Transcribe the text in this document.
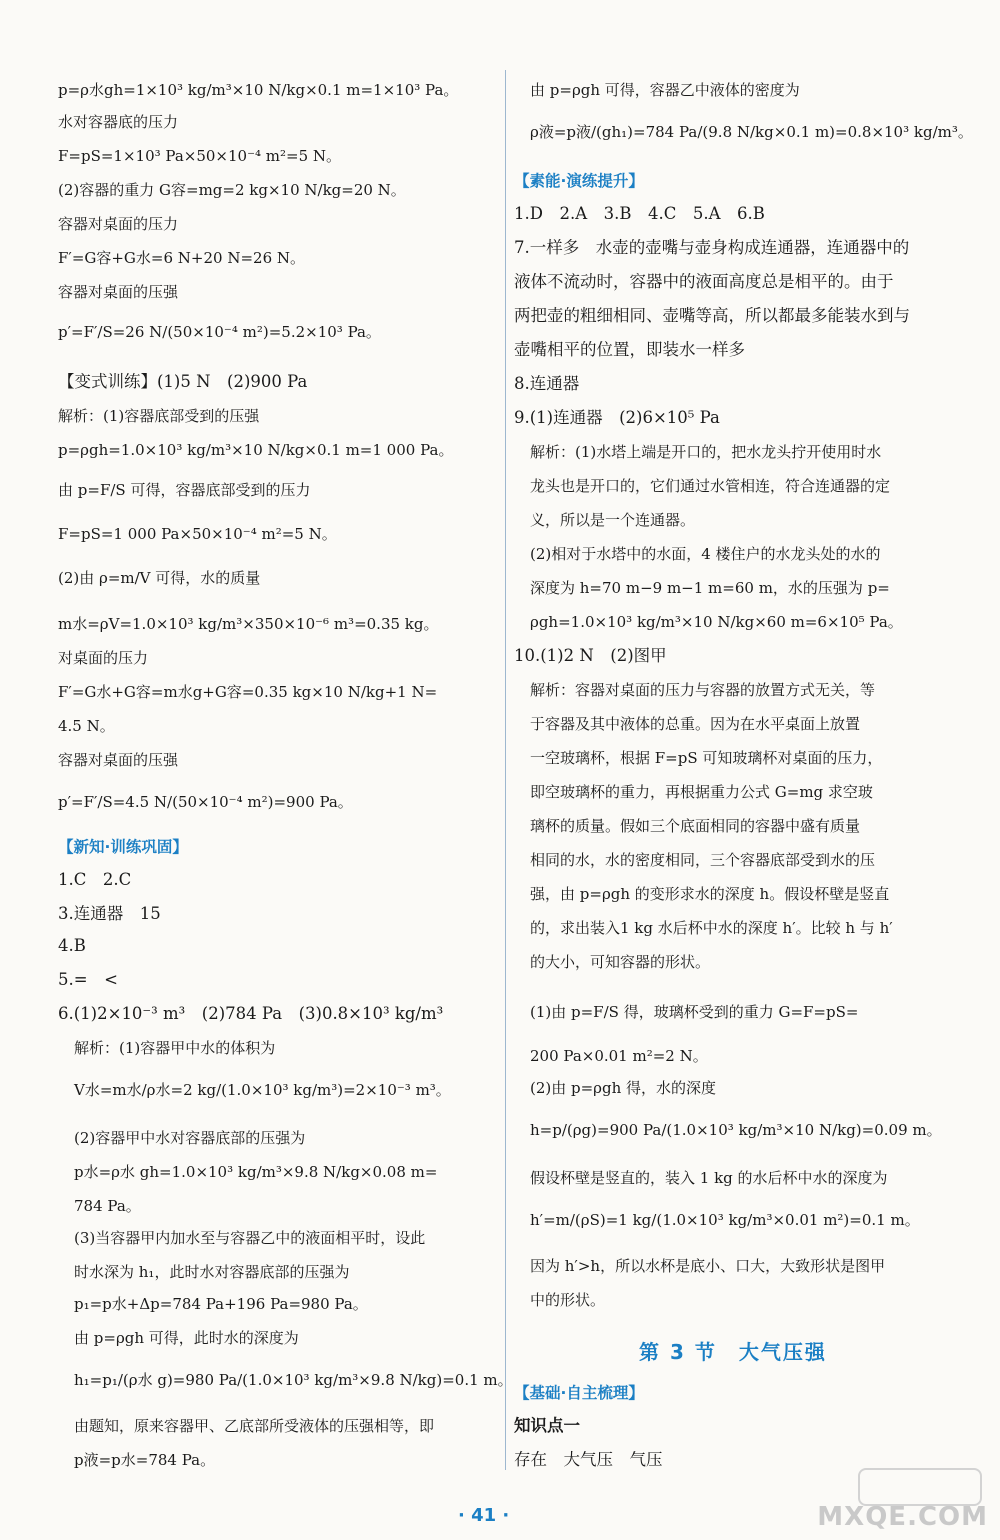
p=ρ水gh=1×10³ kg/m³×10 N/kg×0.1 m=1×10³ Pa。
水对容器底的压力
F=pS=1×10³ Pa×50×10⁻⁴ m²=5 N。
(2)容器的重力 G容=mg=2 kg×10 N/kg=20 N。
容器对桌面的压力
F′=G容+G水=6 N+20 N=26 N。
容器对桌面的压强
p′=F′/S=26 N/(50×10⁻⁴ m²)=5.2×10³ Pa。
【变式训练】(1)5 N　(2)900 Pa
解析：(1)容器底部受到的压强
p=ρgh=1.0×10³ kg/m³×10 N/kg×0.1 m=1 000 Pa。
由 p=F/S 可得，容器底部受到的压力
F=pS=1 000 Pa×50×10⁻⁴ m²=5 N。
(2)由 ρ=m/V 可得，水的质量
m水=ρV=1.0×10³ kg/m³×350×10⁻⁶ m³=0.35 kg。
对桌面的压力
F′=G水+G容=m水g+G容=0.35 kg×10 N/kg+1 N=
4.5 N。
容器对桌面的压强
p′=F′/S=4.5 N/(50×10⁻⁴ m²)=900 Pa。
【新知·训练巩固】
1.C　2.C
3.连通器　15
4.B
5.=　<
6.(1)2×10⁻³ m³　(2)784 Pa　(3)0.8×10³ kg/m³
解析：(1)容器甲中水的体积为
V水=m水/ρ水=2 kg/(1.0×10³ kg/m³)=2×10⁻³ m³。
(2)容器甲中水对容器底部的压强为
p水=ρ水 gh=1.0×10³ kg/m³×9.8 N/kg×0.08 m=
784 Pa。
(3)当容器甲内加水至与容器乙中的液面相平时，设此
时水深为 h₁，此时水对容器底部的压强为
p₁=p水+Δp=784 Pa+196 Pa=980 Pa。
由 p=ρgh 可得，此时水的深度为
h₁=p₁/(ρ水 g)=980 Pa/(1.0×10³ kg/m³×9.8 N/kg)=0.1 m。
由题知，原来容器甲、乙底部所受液体的压强相等，即
p液=p水=784 Pa。
由 p=ρgh 可得，容器乙中液体的密度为
ρ液=p液/(gh₁)=784 Pa/(9.8 N/kg×0.1 m)=0.8×10³ kg/m³。
【素能·演练提升】
1.D　2.A　3.B　4.C　5.A　6.B
7.一样多　水壶的壶嘴与壶身构成连通器，连通器中的
液体不流动时，容器中的液面高度总是相平的。由于
两把壶的粗细相同、壶嘴等高，所以都最多能装水到与
壶嘴相平的位置，即装水一样多
8.连通器
9.(1)连通器　(2)6×10⁵ Pa
解析：(1)水塔上端是开口的，把水龙头拧开使用时水
龙头也是开口的，它们通过水管相连，符合连通器的定
义，所以是一个连通器。
(2)相对于水塔中的水面，4 楼住户的水龙头处的水的
深度为 h=70 m−9 m−1 m=60 m，水的压强为 p=
ρgh=1.0×10³ kg/m³×10 N/kg×60 m=6×10⁵ Pa。
10.(1)2 N　(2)图甲
解析：容器对桌面的压力与容器的放置方式无关，等
于容器及其中液体的总重。因为在水平桌面上放置
一空玻璃杯，根据 F=pS 可知玻璃杯对桌面的压力，
即空玻璃杯的重力，再根据重力公式 G=mg 求空玻
璃杯的质量。假如三个底面相同的容器中盛有质量
相同的水，水的密度相同，三个容器底部受到水的压
强，由 p=ρgh 的变形求水的深度 h。假设杯壁是竖直
的，求出装入1 kg 水后杯中水的深度 h′。比较 h 与 h′
的大小，可知容器的形状。
(1)由 p=F/S 得，玻璃杯受到的重力 G=F=pS=
200 Pa×0.01 m²=2 N。
(2)由 p=ρgh 得，水的深度
h=p/(ρg)=900 Pa/(1.0×10³ kg/m³×10 N/kg)=0.09 m。
假设杯壁是竖直的，装入 1 kg 的水后杯中水的深度为
h′=m/(ρS)=1 kg/(1.0×10³ kg/m³×0.01 m²)=0.1 m。
因为 h′>h，所以水杯是底小、口大，大致形状是图甲
中的形状。
第 3 节　大气压强
【基础·自主梳理】
知识点一
存在　大气压　气压
· 41 ·	MXQE.COM
